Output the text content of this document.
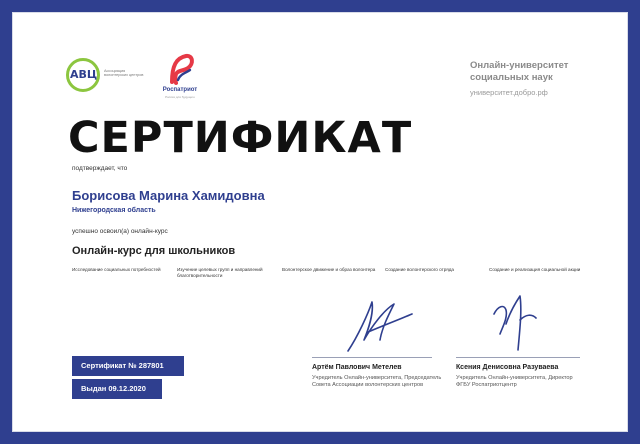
АВЦ Ассоциация волонтерских центров
Роспатриот
Россия для будущего
Онлайн-университет социальных наук
университет.добро.рф
СЕРТИФИКАТ
подтверждает, что
Борисова Марина Хамидовна
Нижегородская область
успешно освоил(а) онлайн-курс
Онлайн-курс для школьников
Исследование социальных потребностей	Изучение целевых групп и направлений благотворительности
Волонтерское движение и образ волонтера	Создание волонтерского отряда	Создание и реализация социальной акции
Сертификат № 287801
Выдан 09.12.2020
Артём Павлович Метелев
Учредитель Онлайн-университета, Председатель Совета Ассоциации волонтерских центров
Ксения Денисовна Разуваева
Учредитель Онлайн-университета, Директор ФГБУ Роспатриотцентр
